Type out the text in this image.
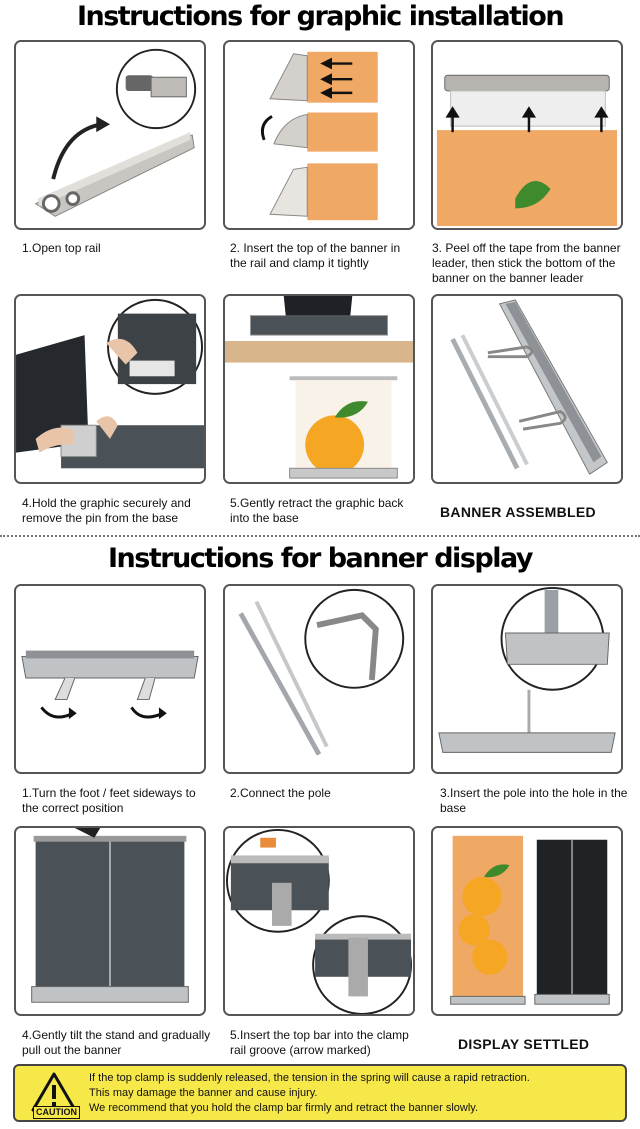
Instructions for graphic installation
1.Open top rail	2. Insert the top of the banner in the rail and clamp it tightly
3. Peel off the tape from the banner leader, then stick the bottom of the banner on the banner leader
4.Hold the graphic securely and remove the pin from the base
5.Gently retract the graphic back into the base	BANNER ASSEMBLED
Instructions for banner display
1.Turn the foot / feet sideways to the correct position
2.Connect the pole	3.Insert the pole into the hole in the base
4.Gently tilt the stand and gradually pull out the banner
5.Insert the top bar into the clamp rail groove (arrow marked)	DISPLAY SETTLED
CAUTION
If the top clamp is suddenly released, the tension in the spring will cause a rapid retraction.
This may damage the banner and cause injury.
We recommend that you hold the clamp bar firmly and retract the banner slowly.
